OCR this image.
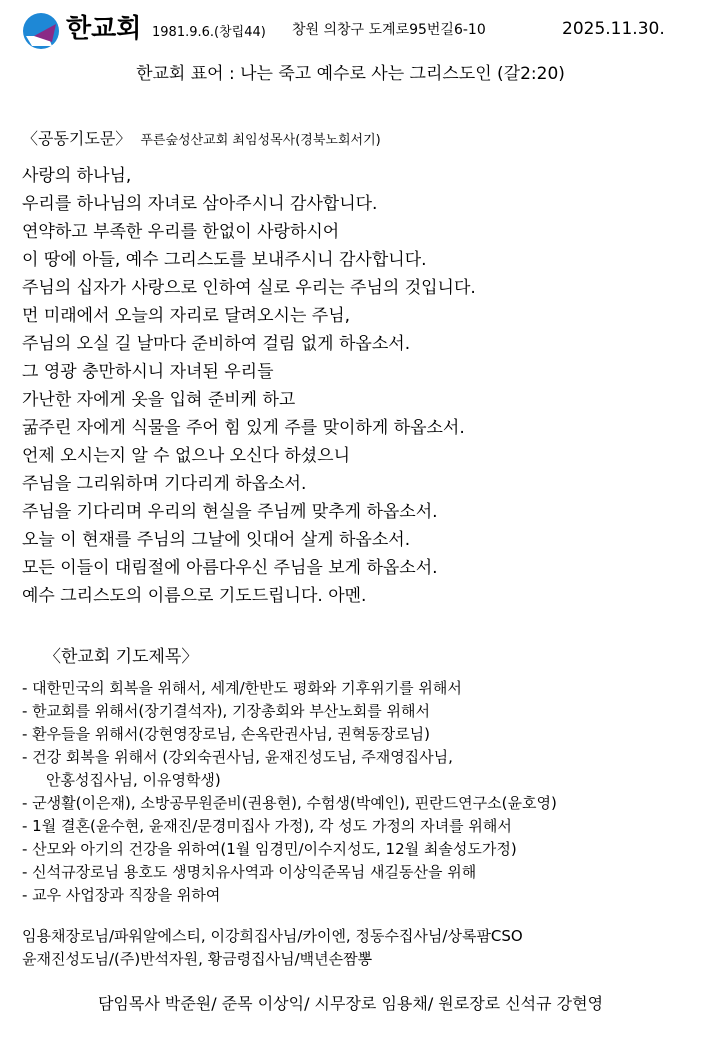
한교회 1981.9.6.(창립44) 창원 의창구 도계로95번길6-10	2025.11.30.
한교회 표어 : 나는 죽고 예수로 사는 그리스도인 (갈2:20)
〈공동기도문〉 푸른숲성산교회 최임성목사(경북노회서기)
사랑의 하나님,
우리를 하나님의 자녀로 삼아주시니 감사합니다.
연약하고 부족한 우리를 한없이 사랑하시어
이 땅에 아들, 예수 그리스도를 보내주시니 감사합니다.
주님의 십자가 사랑으로 인하여 실로 우리는 주님의 것입니다.
먼 미래에서 오늘의 자리로 달려오시는 주님,
주님의 오실 길 날마다 준비하여 걸림 없게 하옵소서.
그 영광 충만하시니 자녀된 우리들
가난한 자에게 옷을 입혀 준비케 하고
굶주린 자에게 식물을 주어 힘 있게 주를 맞이하게 하옵소서.
언제 오시는지 알 수 없으나 오신다 하셨으니
주님을 그리워하며 기다리게 하옵소서.
주님을 기다리며 우리의 현실을 주님께 맞추게 하옵소서.
오늘 이 현재를 주님의 그날에 잇대어 살게 하옵소서.
모든 이들이 대림절에 아름다우신 주님을 보게 하옵소서.
예수 그리스도의 이름으로 기도드립니다. 아멘.
〈한교회 기도제목〉
- 대한민국의 회복을 위해서, 세계/한반도 평화와 기후위기를 위해서
- 한교회를 위해서(장기결석자), 기장총회와 부산노회를 위해서
- 환우들을 위해서(강현영장로님, 손옥란권사님, 권혁동장로님)
- 건강 회복을 위해서 (강외숙권사님, 윤재진성도님, 주재영집사님,
안홍성집사님, 이유영학생)
- 군생활(이은재), 소방공무원준비(권용현), 수험생(박예인), 핀란드연구소(윤호영)
- 1월 결혼(윤수현, 윤재진/문경미집사 가정), 각 성도 가정의 자녀를 위해서
- 산모와 아기의 건강을 위하여(1월 임경민/이수지성도, 12월 최솔성도가정)
- 신석규장로님 용호도 생명치유사역과 이상익준목님 새길동산을 위해
- 교우 사업장과 직장을 위하여
임용채장로님/파워알에스티, 이강희집사님/카이엔, 정동수집사님/상록팜CSO
윤재진성도님/(주)반석자원, 황금령집사님/백년손짬뽕
담임목사 박준원/ 준목 이상익/ 시무장로 임용채/ 원로장로 신석규 강현영
